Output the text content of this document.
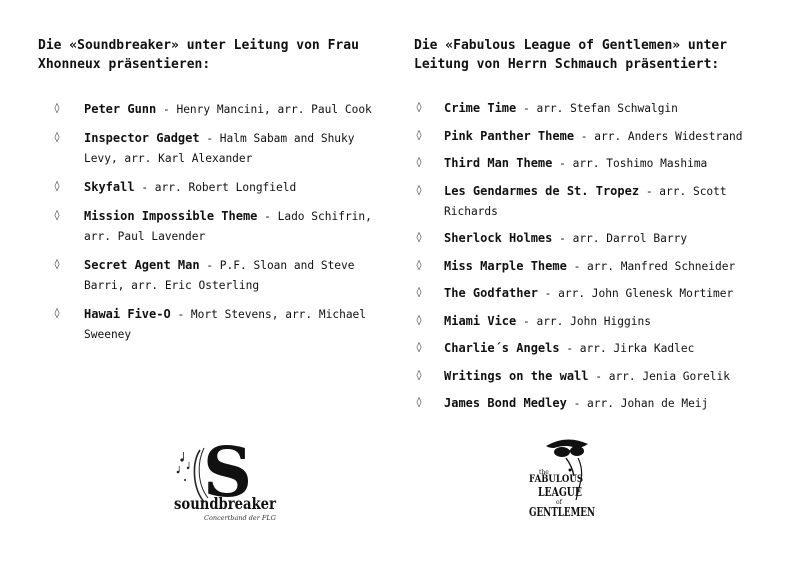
Die «Soundbreaker» unter Leitung von Frau Xhonneux präsentieren:

◊ Peter Gunn - Henry Mancini, arr. Paul Cook
◊ Inspector Gadget - Halm Sabam and Shuky Levy, arr. Karl Alexander
◊ Skyfall - arr. Robert Longfield
◊ Mission Impossible Theme - Lado Schifrin, arr. Paul Lavender
◊ Secret Agent Man - P.F. Sloan and Steve Barri, arr. Eric Osterling
◊ Hawai Five-O - Mort Stevens, arr. Michael Sweeney

Die «Fabulous League of Gentlemen» unter Leitung von Herrn Schmauch präsentiert:

◊ Crime Time - arr. Stefan Schwalgin
◊ Pink Panther Theme - arr. Anders Widestrand
◊ Third Man Theme - arr. Toshimo Mashima
◊ Les Gendarmes de St. Tropez - arr. Scott Richards
◊ Sherlock Holmes - arr. Darrol Barry
◊ Miss Marple Theme - arr. Manfred Schneider
◊ The Godfather - arr. John Glenesk Mortimer
◊ Miami Vice - arr. John Higgins
◊ Charlie´s Angels - arr. Jirka Kadlec
◊ Writings on the wall - arr. Jenia Gorelik
◊ James Bond Medley - arr. Johan de Meij
S
soundbreaker
Concertband der FLG
the
FABULOUS
LEAGUE
of
GENTLEMEN
